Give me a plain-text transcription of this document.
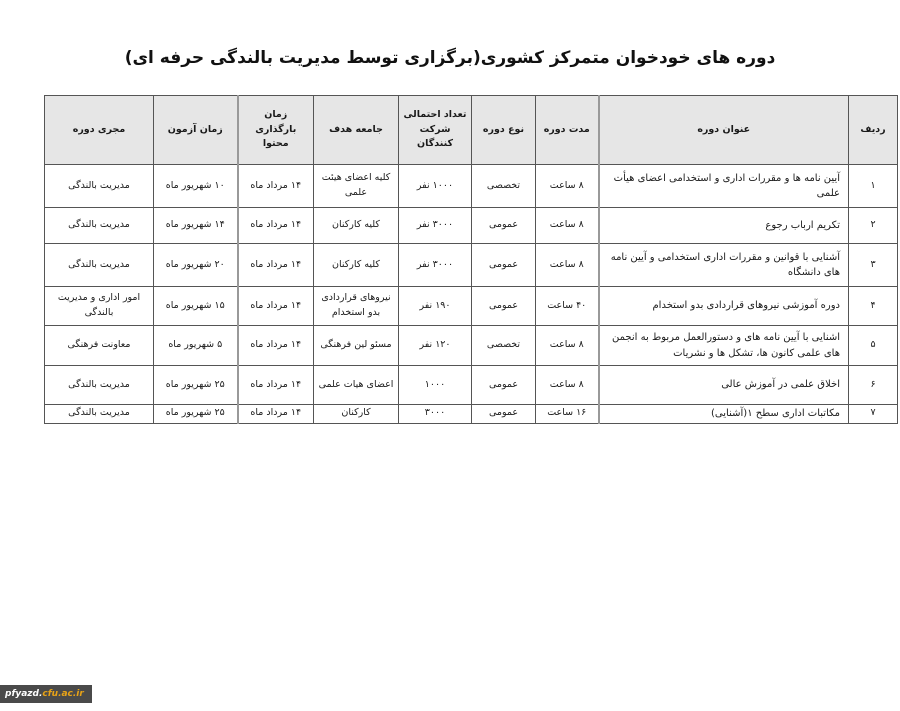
دوره های خودخوان متمرکز کشوری(برگزاری توسط مدیریت بالندگی حرفه ای)
ردیف	عنوان دوره	مدت دوره	نوع دوره	تعداد احتمالی شرکت کنندگان	جامعه هدف	زمان بارگذاری محتوا	زمان آزمون	مجری دوره
۱	آیین نامه ها و مقررات اداری و استخدامی اعضای هیأت علمی	۸ ساعت	تخصصی	۱۰۰۰ نفر	کلیه اعضای هیئت علمی	۱۴ مرداد ماه	۱۰ شهریور ماه	مدیریت بالندگی
۲	تکریم ارباب رجوع	۸ ساعت	عمومی	۳۰۰۰ نفر	کلیه کارکنان	۱۴ مرداد ماه	۱۴ شهریور ماه	مدیریت بالندگی
۳	آشنایی با قوانین و مقررات اداری استخدامی و آیین نامه های دانشگاه	۸ ساعت	عمومی	۳۰۰۰ نفر	کلیه کارکنان	۱۴ مرداد ماه	۲۰ شهریور ماه	مدیریت بالندگی
۴	دوره آموزشی نیروهای قراردادی بدو استخدام	۴۰ ساعت	عمومی	۱۹۰ نفر	نیروهای قراردادی بدو استخدام	۱۴ مرداد ماه	۱۵ شهریور ماه	امور اداری و مدیریت بالندگی
۵	اشنایی با آیین نامه های و دستورالعمل مربوط به انجمن های علمی کانون ها، تشکل ها و نشریات	۸ ساعت	تخصصی	۱۲۰ نفر	مسئو لین فرهنگی	۱۴ مرداد ماه	۵ شهریور ماه	معاونت فرهنگی
۶	اخلاق علمی در آموزش عالی	۸ ساعت	عمومی	۱۰۰۰	اعضای هیات علمی	۱۴ مرداد ماه	۲۵ شهریور ماه	مدیریت بالندگی
۷	مکاتبات اداری سطح ۱(آشنایی)	۱۶ ساعت	عمومی	۳۰۰۰	کارکنان	۱۴ مرداد ماه	۲۵ شهریور ماه	مدیریت بالندگی
pfyazd.cfu.ac.ir
